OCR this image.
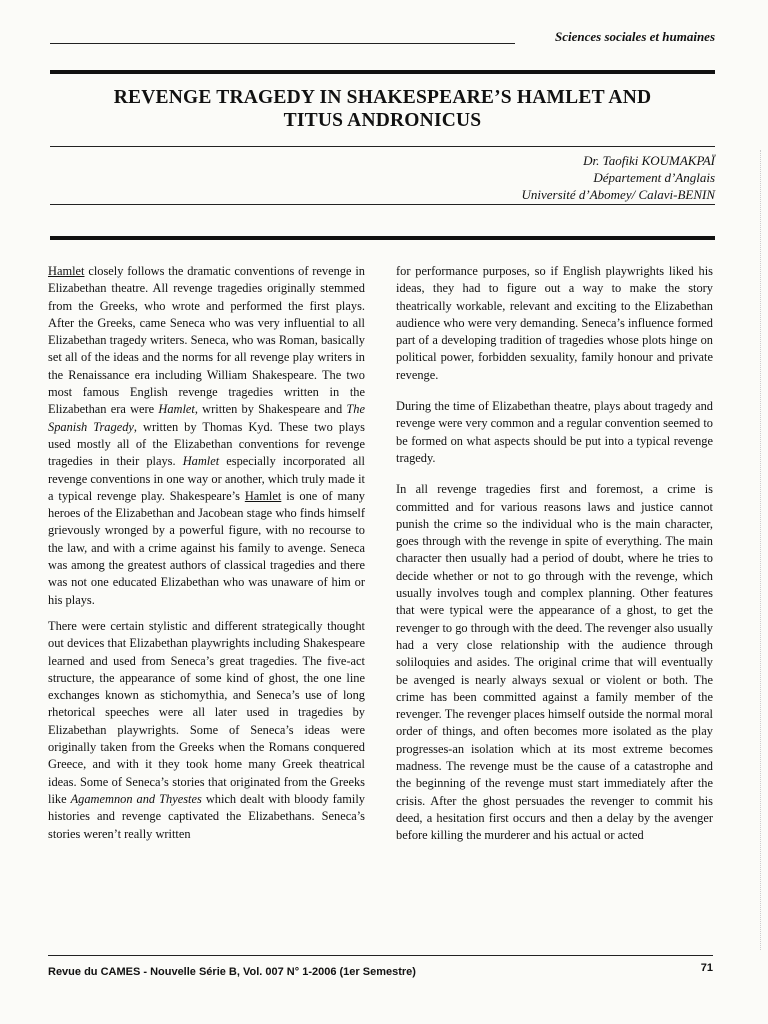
Sciences sociales et humaines
REVENGE TRAGEDY IN SHAKESPEARE’S HAMLET AND
TITUS ANDRONICUS
Dr. Taofiki KOUMAKPAÏ
Département d’Anglais
Université d’Abomey/ Calavi-BENIN

Hamlet closely follows the dramatic conventions of revenge in Elizabethan theatre. All revenge tragedies originally stemmed from the Greeks, who wrote and performed the first plays. After the Greeks, came Seneca who was very influential to all Elizabethan tragedy writers. Seneca, who was Roman, basically set all of the ideas and the norms for all revenge play writers in the Renaissance era including William Shakespeare. The two most famous English revenge tragedies written in the Elizabethan era were Hamlet, written by Shakespeare and The Spanish Tragedy, written by Thomas Kyd. These two plays used mostly all of the Elizabethan conventions for revenge tragedies in their plays. Hamlet especially incorporated all revenge conventions in one way or another, which truly made it a typical revenge play. Shakespeare’s Hamlet is one of many heroes of the Elizabethan and Jacobean stage who finds himself grievously wronged by a powerful figure, with no recourse to the law, and with a crime against his family to avenge. Seneca was among the greatest authors of classical tragedies and there was not one educated Elizabethan who was unaware of him or his plays.

There were certain stylistic and different strategically thought out devices that Elizabethan playwrights including Shakespeare learned and used from Seneca’s great tragedies. The five-act structure, the appearance of some kind of ghost, the one line exchanges known as stichomythia, and Seneca’s use of long rhetorical speeches were all later used in tragedies by Elizabethan playwrights. Some of Seneca’s ideas were originally taken from the Greeks when the Romans conquered Greece, and with it they took home many Greek theatrical ideas. Some of Seneca’s stories that originated from the Greeks like Agamemnon and Thyestes which dealt with bloody family histories and revenge captivated the Elizabethans. Seneca’s stories weren’t really written

for performance purposes, so if English playwrights liked his ideas, they had to figure out a way to make the story theatrically workable, relevant and exciting to the Elizabethan audience who were very demanding. Seneca’s influence formed part of a developing tradition of tragedies whose plots hinge on political power, forbidden sexuality, family honour and private revenge.

During the time of Elizabethan theatre, plays about tragedy and revenge were very common and a regular convention seemed to be formed on what aspects should be put into a typical revenge tragedy.

In all revenge tragedies first and foremost, a crime is committed and for various reasons laws and justice cannot punish the crime so the individual who is the main character, goes through with the revenge in spite of everything. The main character then usually had a period of doubt, where he tries to decide whether or not to go through with the revenge, which usually involves tough and complex planning. Other features that were typical were the appearance of a ghost, to get the revenger to go through with the deed. The revenger also usually had a very close relationship with the audience through soliloquies and asides. The original crime that will eventually be avenged is nearly always sexual or violent or both. The crime has been committed against a family member of the revenger. The revenger places himself outside the normal moral order of things, and often becomes more isolated as the play progresses-an isolation which at its most extreme becomes madness. The revenge must be the cause of a catastrophe and the beginning of the revenge must start immediately after the crisis. After the ghost persuades the revenger to commit his deed, a hesitation first occurs and then a delay by the avenger before killing the murderer and his actual or acted

Revue du CAMES - Nouvelle Série B, Vol. 007 N° 1-2006 (1er Semestre)	71
